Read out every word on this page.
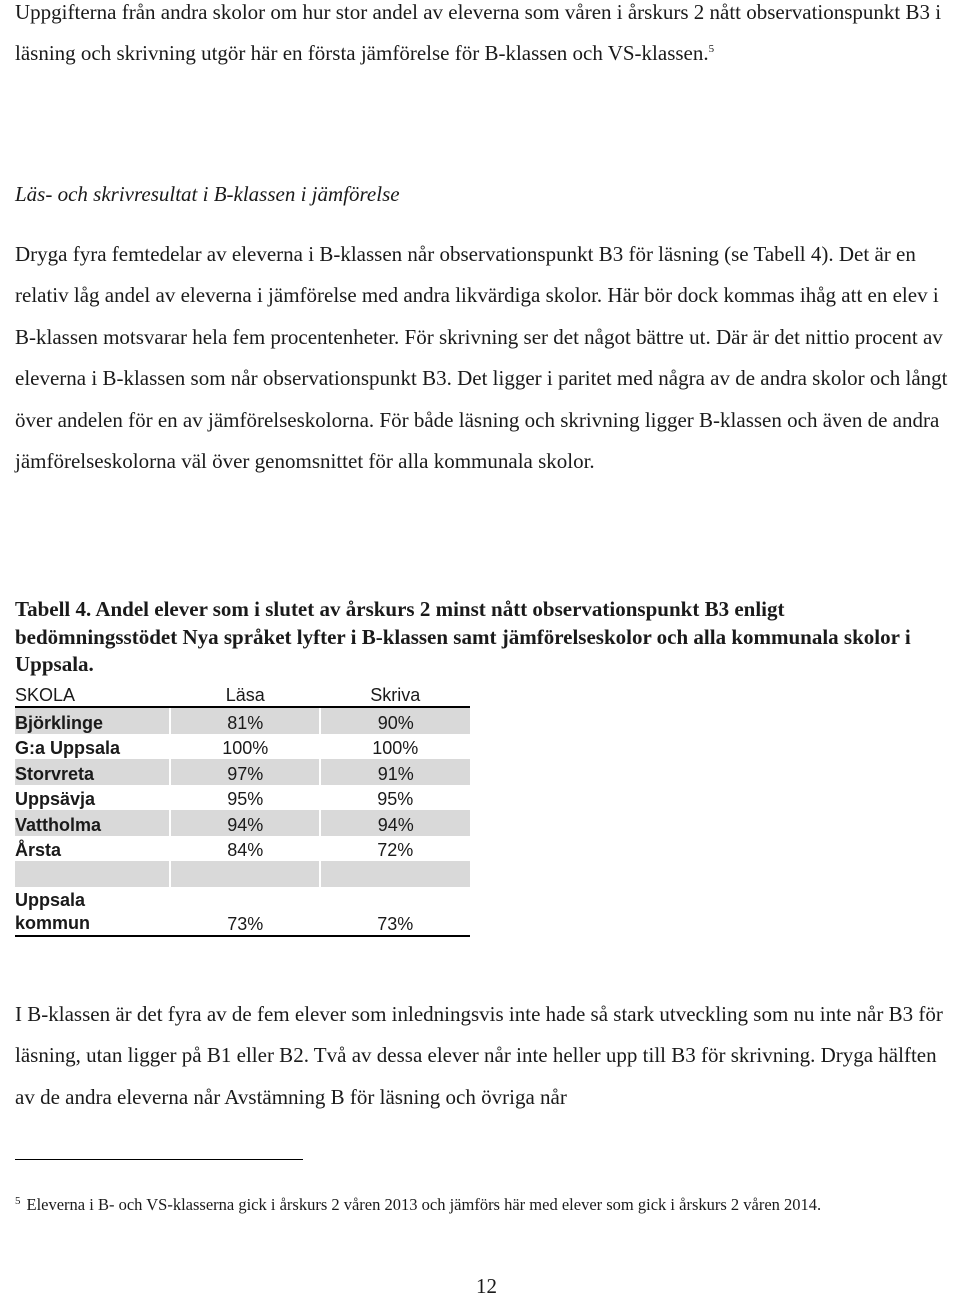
Uppgifterna från andra skolor om hur stor andel av eleverna som våren i årskurs 2 nått observationspunkt B3 i läsning och skrivning utgör här en första jämförelse för B-klassen och VS-klassen.$^5$

Läs- och skrivresultat i B-klassen i jämförelse

Dryga fyra femtedelar av eleverna i B-klassen når observationspunkt B3 för läsning (se Tabell 4). Det är en relativ låg andel av eleverna i jämförelse med andra likvärdiga skolor. Här bör dock kommas ihåg att en elev i B-klassen motsvarar hela fem procentenheter. För skrivning ser det något bättre ut. Där är det nittio procent av eleverna i B-klassen som når observationspunkt B3. Det ligger i paritet med några av de andra skolor och långt över andelen för en av jämförelseskolorna. För både läsning och skrivning ligger B-klassen och även de andra jämförelseskolorna väl över genomsnittet för alla kommunala skolor.

Tabell 4. Andel elever som i slutet av årskurs 2 minst nått observationspunkt B3 enligt bedömningsstödet Nya språket lyfter i B-klassen samt jämförelseskolor och alla kommunala skolor i Uppsala.

SKOLA	Läsa	Skriva
Björklinge	81%	90%
G:a Uppsala	100%	100%
Storvreta	97%	91%
Uppsävja	95%	95%
Vattholma	94%	94%
Årsta	84%	72%

Uppsala
kommun	73%	73%

I B-klassen är det fyra av de fem elever som inledningsvis inte hade så stark utveckling som nu inte når B3 för läsning, utan ligger på B1 eller B2. Två av dessa elever når inte heller upp till B3 för skrivning. Dryga hälften av de andra eleverna når Avstämning B för läsning och övriga når

$^5$ Eleverna i B- och VS-klasserna gick i årskurs 2 våren 2013 och jämförs här med elever som gick i årskurs 2 våren 2014.

12
